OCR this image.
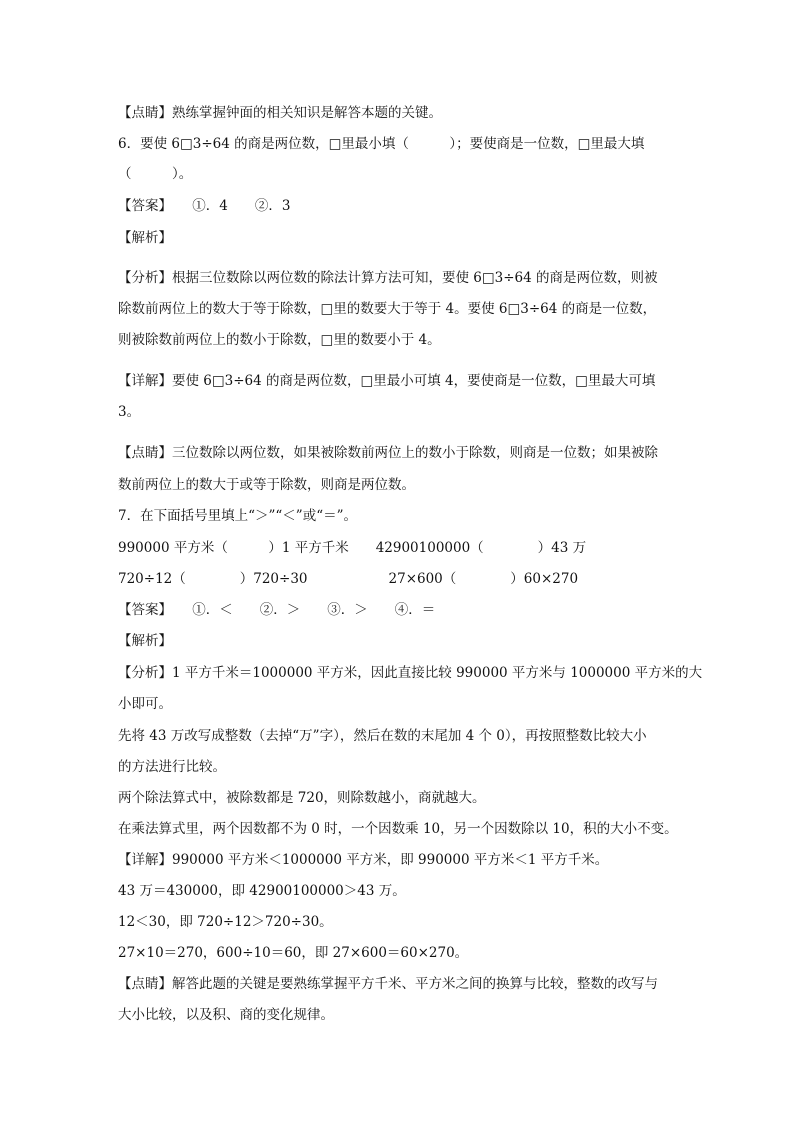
【点睛】熟练掌握钟面的相关知识是解答本题的关键。
6．要使 6□3÷64 的商是两位数，□里最小填（　　　）；要使商是一位数，□里最大填
（　　　）。
【答案】　　①．4　　②．3
【解析】
【分析】根据三位数除以两位数的除法计算方法可知，要使 6□3÷64 的商是两位数，则被
除数前两位上的数大于等于除数，□里的数要大于等于 4。要使 6□3÷64 的商是一位数，
则被除数前两位上的数小于除数，□里的数要小于 4。
【详解】要使 6□3÷64 的商是两位数，□里最小可填 4，要使商是一位数，□里最大可填
3。
【点睛】三位数除以两位数，如果被除数前两位上的数小于除数，则商是一位数；如果被除
数前两位上的数大于或等于除数，则商是两位数。
7．在下面括号里填上“＞”“＜”或“＝”。
990000 平方米（　　　）1 平方千米　　42900100000（　　　　）43 万
720÷12（　　　　）720÷30　　　　　　27×600（　　　　）60×270
【答案】　　①．＜　　②．＞　　③．＞　　④．＝
【解析】
【分析】1 平方千米＝1000000 平方米，因此直接比较 990000 平方米与 1000000 平方米的大
小即可。
先将 43 万改写成整数（去掉“万”字），然后在数的末尾加 4 个 0），再按照整数比较大小
的方法进行比较。
两个除法算式中，被除数都是 720，则除数越小，商就越大。
在乘法算式里，两个因数都不为 0 时，一个因数乘 10，另一个因数除以 10，积的大小不变。
【详解】990000 平方米＜1000000 平方米，即 990000 平方米＜1 平方千米。
43 万＝430000，即 42900100000＞43 万。
12＜30，即 720÷12＞720÷30。
27×10＝270，600÷10＝60，即 27×600＝60×270。
【点睛】解答此题的关键是要熟练掌握平方千米、平方米之间的换算与比较，整数的改写与
大小比较，以及积、商的变化规律。
